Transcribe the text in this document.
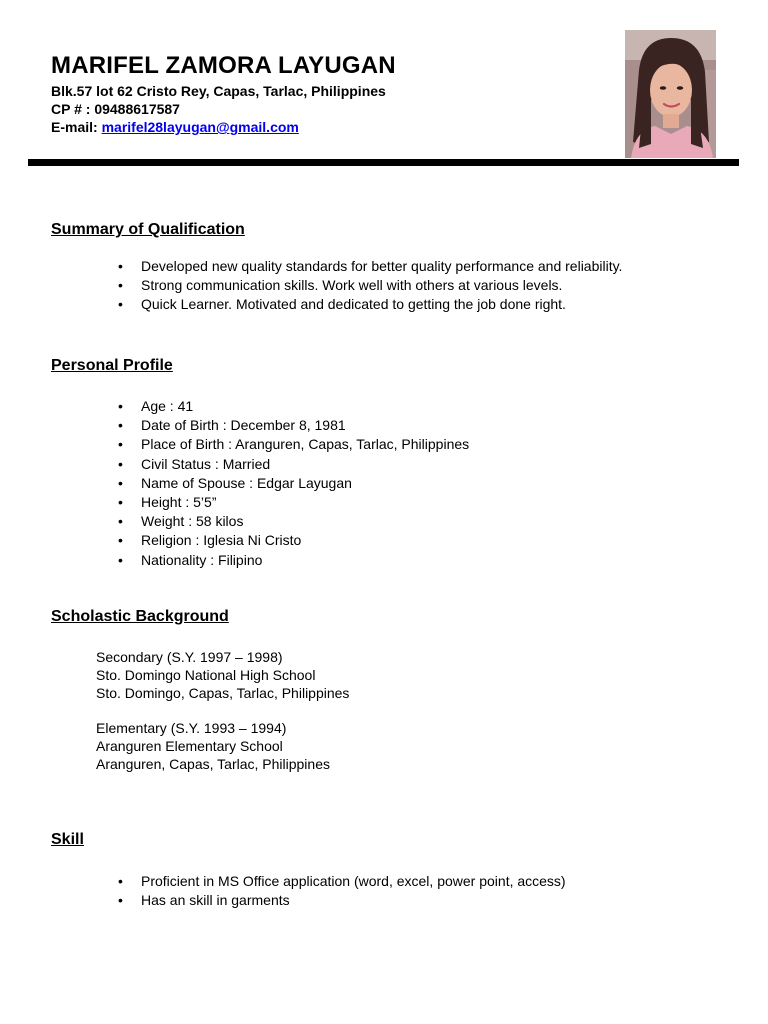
MARIFEL ZAMORA LAYUGAN
Blk.57 lot 62 Cristo Rey, Capas, Tarlac, Philippines
CP # : 09488617587
E-mail: marifel28layugan@gmail.com
Summary of Qualification
• Developed new quality standards for better quality performance and reliability.
• Strong communication skills. Work well with others at various levels.
• Quick Learner. Motivated and dedicated to getting the job done right.
Personal Profile
• Age : 41
• Date of Birth : December 8, 1981
• Place of Birth : Aranguren, Capas, Tarlac, Philippines
• Civil Status : Married
• Name of Spouse : Edgar Layugan
• Height : 5’5”
• Weight : 58 kilos
• Religion : Iglesia Ni Cristo
• Nationality : Filipino
Scholastic Background
Secondary (S.Y. 1997 – 1998)
Sto. Domingo National High School
Sto. Domingo, Capas, Tarlac, Philippines
Elementary (S.Y. 1993 – 1994)
Aranguren Elementary School
Aranguren, Capas, Tarlac, Philippines
Skill
• Proficient in MS Office application (word, excel, power point, access)
• Has an skill in garments
